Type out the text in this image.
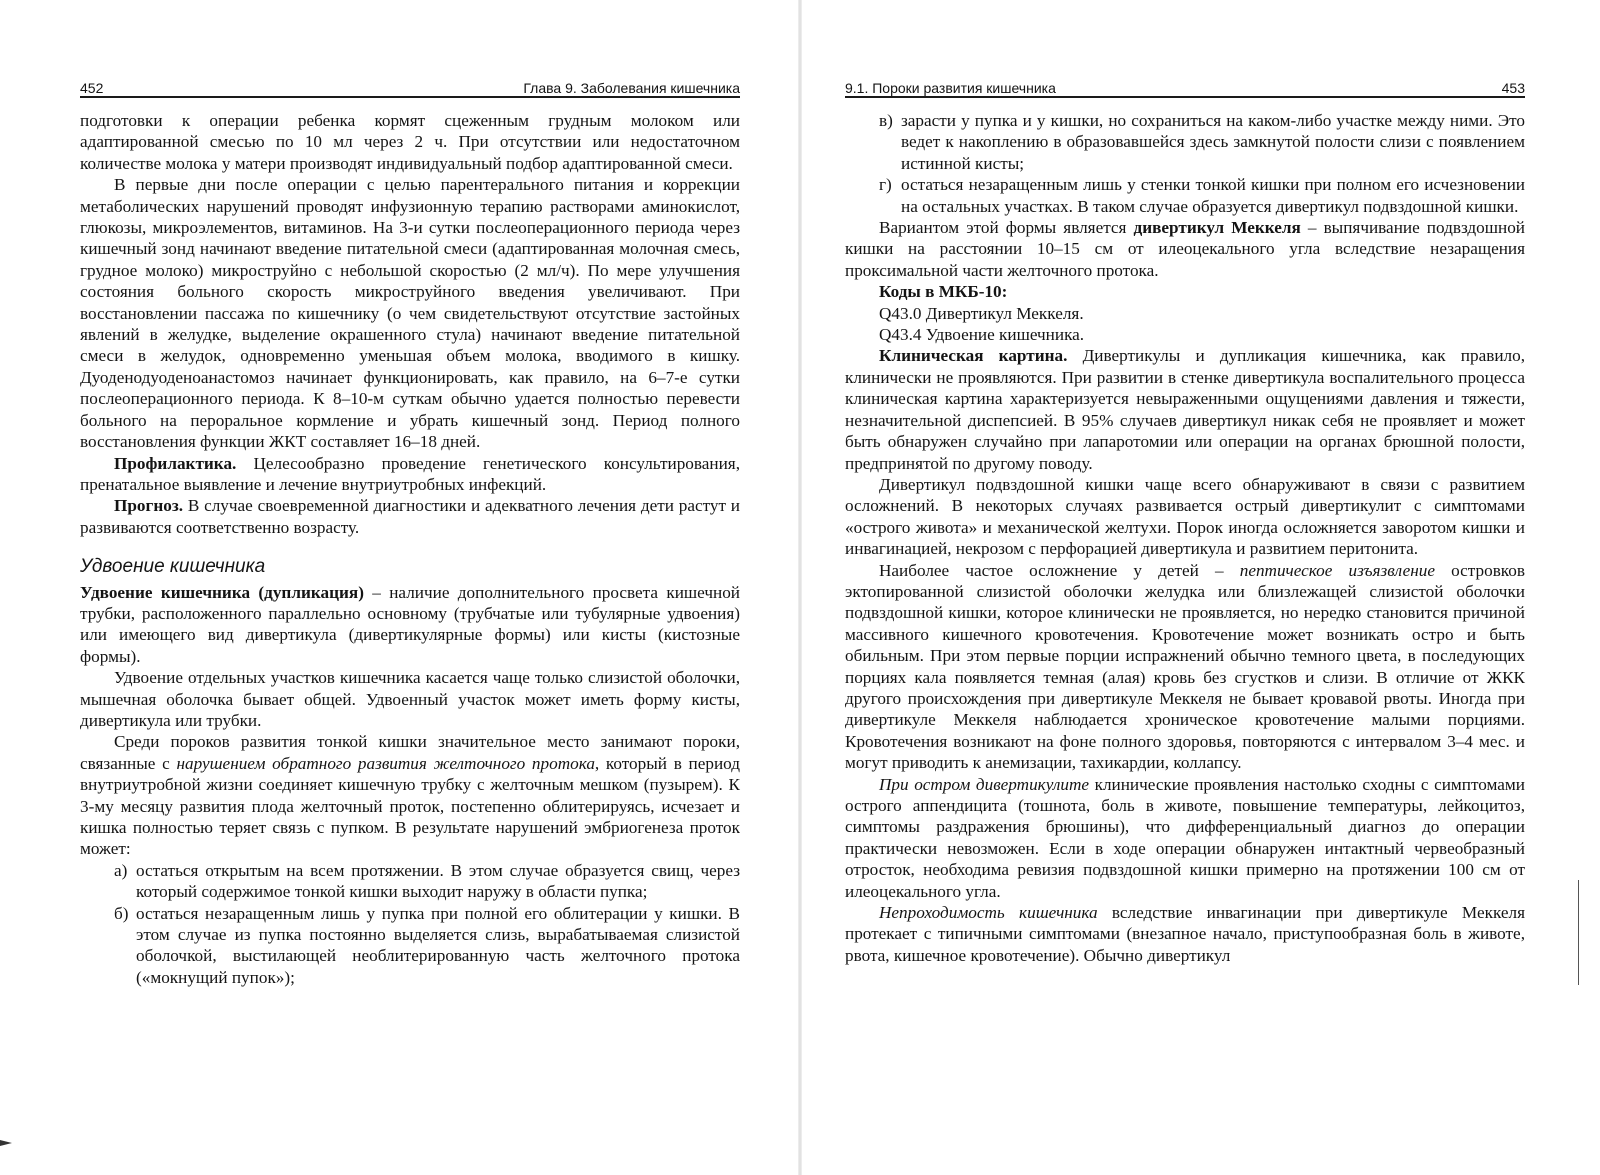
452	Глава 9. Заболевания кишечника

подготовки к операции ребенка кормят сцеженным грудным молоком или адаптированной смесью по 10 мл через 2 ч. При отсутствии или недостаточном количестве молока у матери производят индивидуальный подбор адаптированной смеси.

В первые дни после операции с целью парентерального питания и коррекции метаболических нарушений проводят инфузионную терапию растворами аминокислот, глюкозы, микроэлементов, витаминов. На 3-и сутки послеоперационного периода через кишечный зонд начинают введение питательной смеси (адаптированная молочная смесь, грудное молоко) микроструйно с небольшой скоростью (2 мл/ч). По мере улучшения состояния больного скорость микроструйного введения увеличивают. При восстановлении пассажа по кишечнику (о чем свидетельствуют отсутствие застойных явлений в желудке, выделение окрашенного стула) начинают введение питательной смеси в желудок, одновременно уменьшая объем молока, вводимого в кишку. Дуоденодуоденоанастомоз начинает функционировать, как правило, на 6–7-е сутки послеоперационного периода. К 8–10-м суткам обычно удается полностью перевести больного на пероральное кормление и убрать кишечный зонд. Период полного восстановления функции ЖКТ составляет 16–18 дней.

Профилактика. Целесообразно проведение генетического консультирования, пренатальное выявление и лечение внутриутробных инфекций.

Прогноз. В случае своевременной диагностики и адекватного лечения дети растут и развиваются соответственно возрасту.

Удвоение кишечника

Удвоение кишечника (дупликация) – наличие дополнительного просвета кишечной трубки, расположенного параллельно основному (трубчатые или тубулярные удвоения) или имеющего вид дивертикула (дивертикулярные формы) или кисты (кистозные формы).

Удвоение отдельных участков кишечника касается чаще только слизистой оболочки, мышечная оболочка бывает общей. Удвоенный участок может иметь форму кисты, дивертикула или трубки.

Среди пороков развития тонкой кишки значительное место занимают пороки, связанные с нарушением обратного развития желточного протока, который в период внутриутробной жизни соединяет кишечную трубку с желточным мешком (пузырем). К 3-му месяцу развития плода желточный проток, постепенно облитерируясь, исчезает и кишка полностью теряет связь с пупком. В результате нарушений эмбриогенеза проток может:

а) остаться открытым на всем протяжении. В этом случае образуется свищ, через который содержимое тонкой кишки выходит наружу в области пупка;
б) остаться незаращенным лишь у пупка при полной его облитерации у кишки. В этом случае из пупка постоянно выделяется слизь, вырабатываемая слизистой оболочкой, выстилающей необлитерированную часть желточного протока («мокнущий пупок»);
9.1. Пороки развития кишечника	453
в) зарасти у пупка и у кишки, но сохраниться на каком-либо участке между ними. Это ведет к накоплению в образовавшейся здесь замкнутой полости слизи с появлением истинной кисты;
г) остаться незаращенным лишь у стенки тонкой кишки при полном его исчезновении на остальных участках. В таком случае образуется дивертикул подвздошной кишки.

Вариантом этой формы является дивертикул Меккеля – выпячивание подвздошной кишки на расстоянии 10–15 см от илеоцекального угла вследствие незаращения проксимальной части желточного протока.

Коды в МКБ-10:

Q43.0 Дивертикул Меккеля.

Q43.4 Удвоение кишечника.

Клиническая картина. Дивертикулы и дупликация кишечника, как правило, клинически не проявляются. При развитии в стенке дивертикула воспалительного процесса клиническая картина характеризуется невыраженными ощущениями давления и тяжести, незначительной диспепсией. В 95% случаев дивертикул никак себя не проявляет и может быть обнаружен случайно при лапаротомии или операции на органах брюшной полости, предпринятой по другому поводу.

Дивертикул подвздошной кишки чаще всего обнаруживают в связи с развитием осложнений. В некоторых случаях развивается острый дивертикулит с симптомами «острого живота» и механической желтухи. Порок иногда осложняется заворотом кишки и инвагинацией, некрозом с перфорацией дивертикула и развитием перитонита.

Наиболее частое осложнение у детей – пептическое изъязвление островков эктопированной слизистой оболочки желудка или близлежащей слизистой оболочки подвздошной кишки, которое клинически не проявляется, но нередко становится причиной массивного кишечного кровотечения. Кровотечение может возникать остро и быть обильным. При этом первые порции испражнений обычно темного цвета, в последующих порциях кала появляется темная (алая) кровь без сгустков и слизи. В отличие от ЖКК другого происхождения при дивертикуле Меккеля не бывает кровавой рвоты. Иногда при дивертикуле Меккеля наблюдается хроническое кровотечение малыми порциями. Кровотечения возникают на фоне полного здоровья, повторяются с интервалом 3–4 мес. и могут приводить к анемизации, тахикардии, коллапсу.

При остром дивертикулите клинические проявления настолько сходны с симптомами острого аппендицита (тошнота, боль в животе, повышение температуры, лейкоцитоз, симптомы раздражения брюшины), что дифференциальный диагноз до операции практически невозможен. Если в ходе операции обнаружен интактный червеобразный отросток, необходима ревизия подвздошной кишки примерно на протяжении 100 см от илеоцекального угла.

Непроходимость кишечника вследствие инвагинации при дивертикуле Меккеля протекает с типичными симптомами (внезапное начало, приступообразная боль в животе, рвота, кишечное кровотечение). Обычно дивертикул
